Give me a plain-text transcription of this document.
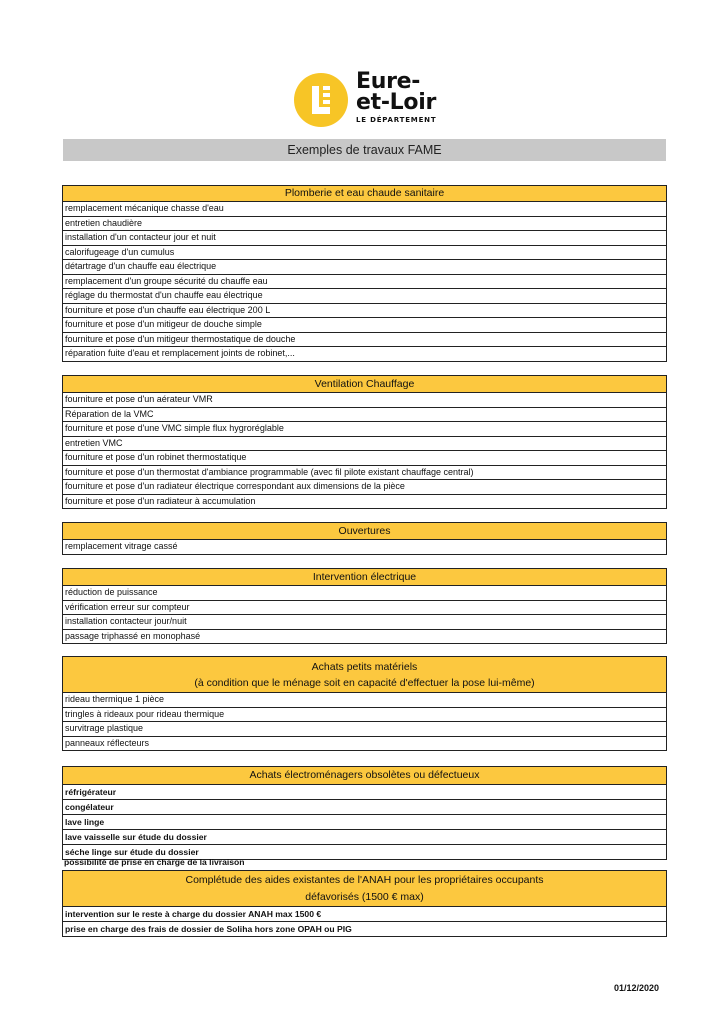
Eure-
et-Loir
LE DÉPARTEMENT
Exemples de travaux FAME
Plomberie et eau chaude sanitaire
remplacement mécanique chasse d'eau
entretien chaudière
installation d'un contacteur jour et nuit
calorifugeage d'un cumulus
détartrage d'un chauffe eau électrique
remplacement d'un groupe sécurité du chauffe eau
réglage du thermostat d'un chauffe eau électrique
fourniture et pose d'un chauffe eau électrique 200 L
fourniture et pose d'un mitigeur de douche simple
fourniture et pose d'un mitigeur thermostatique de douche
réparation fuite d'eau et remplacement joints de robinet,...
Ventilation Chauffage
fourniture et pose d'un aérateur VMR
Réparation de la VMC
fourniture et pose d'une VMC simple flux hygroréglable
entretien VMC
fourniture et pose d'un robinet thermostatique
fourniture et pose d'un thermostat d'ambiance programmable (avec fil pilote existant chauffage central)
fourniture et pose d'un radiateur électrique correspondant aux dimensions de la pièce
fourniture et pose d'un radiateur à accumulation
Ouvertures
remplacement vitrage cassé
Intervention électrique
réduction de puissance
vérification erreur sur compteur
installation contacteur jour/nuit
passage triphassé en monophasé
Achats petits matériels
(à condition que le ménage soit en capacité d'effectuer la pose lui-même)
rideau thermique 1 pièce
tringles à rideaux pour rideau thermique
survitrage plastique
panneaux réflecteurs
Achats électroménagers obsolètes ou défectueux
réfrigérateur
congélateur
lave linge
lave vaisselle sur étude du dossier
séche linge sur étude du dossier
possibilité de prise en charge de la livraison
Complétude des aides existantes de l'ANAH pour les propriétaires occupants
défavorisés (1500 € max)
intervention sur le reste à charge du dossier ANAH max 1500 €
prise en charge des frais de dossier de Soliha hors zone OPAH ou PIG
01/12/2020
